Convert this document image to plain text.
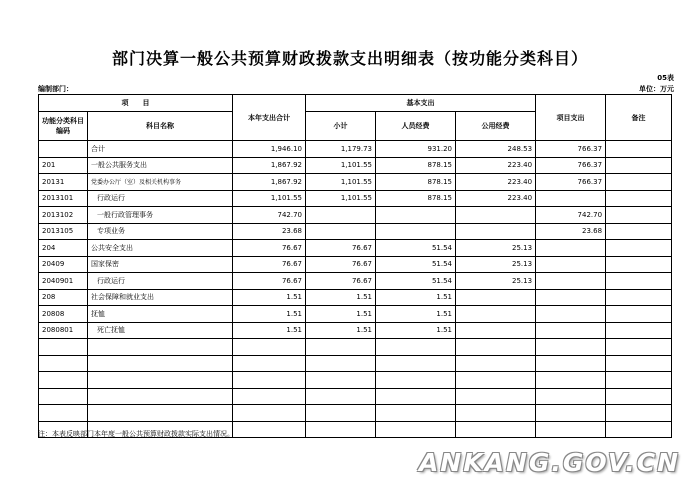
部门决算一般公共预算财政拨款支出明细表（按功能分类科目）
05表
编制部门：	单位：万元
项　　目		本年支出合计	基本支出			项目支出	备注
功能分类科目编码	科目名称		小计	人员经费	公用经费		
	合计	1,946.10	1,179.73	931.20	248.53	766.37	
201	一般公共服务支出	1,867.92	1,101.55	878.15	223.40	766.37	
20131	党委办公厅（室）及相关机构事务	1,867.92	1,101.55	878.15	223.40	766.37	
2013101	行政运行	1,101.55	1,101.55	878.15	223.40		
2013102	一般行政管理事务	742.70				742.70	
2013105	专项业务	23.68				23.68	
204	公共安全支出	76.67	76.67	51.54	25.13		
20409	国家保密	76.67	76.67	51.54	25.13		
2040901	行政运行	76.67	76.67	51.54	25.13		
208	社会保障和就业支出	1.51	1.51	1.51			
20808	抚恤	1.51	1.51	1.51			
2080801	死亡抚恤	1.51	1.51	1.51			

注：本表反映部门本年度一般公共预算财政拨款实际支出情况。
ANKANG.GOV.CN
